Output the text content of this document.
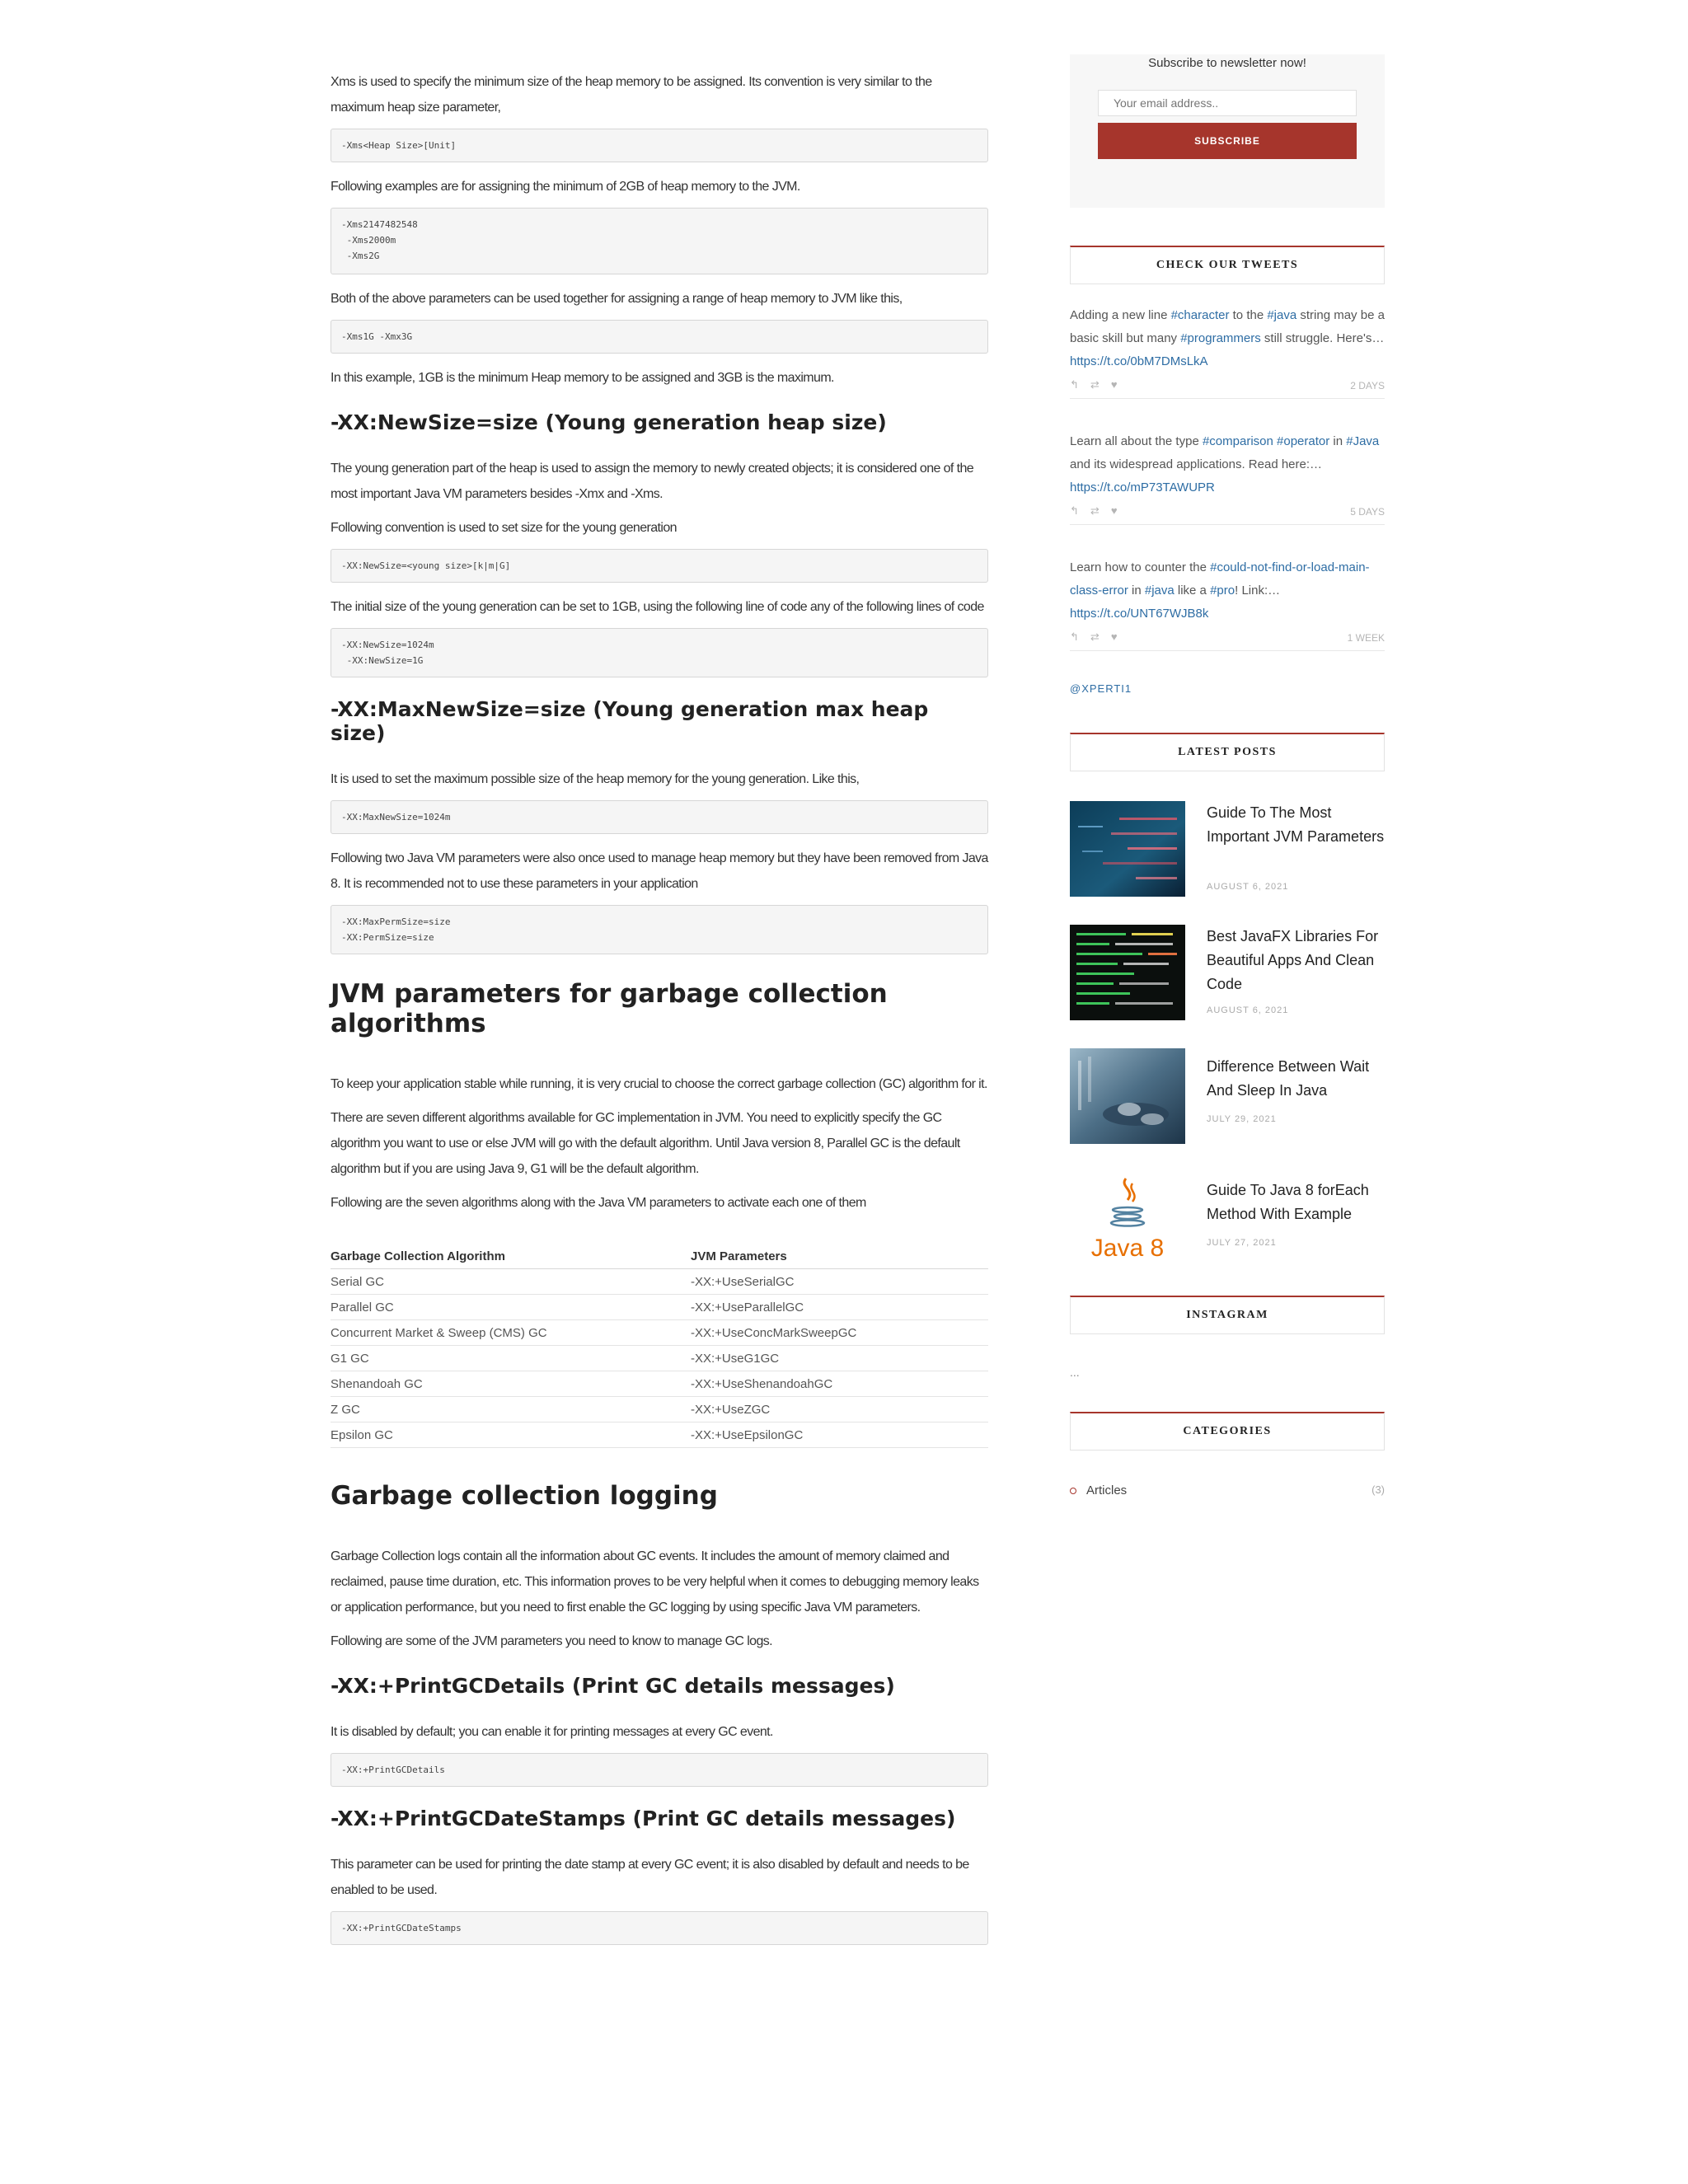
Xms is used to specify the minimum size of the heap memory to be assigned. Its convention is very similar to the maximum heap size parameter,

-Xms<Heap Size>[Unit]

Following examples are for assigning the minimum of 2GB of heap memory to the JVM.

-Xms2147482548
-Xms2000m
-Xms2G

Both of the above parameters can be used together for assigning a range of heap memory to JVM like this,

-Xms1G -Xmx3G

In this example, 1GB is the minimum Heap memory to be assigned and 3GB is the maximum.

-XX:NewSize=size (Young generation heap size)

The young generation part of the heap is used to assign the memory to newly created objects; it is considered one of the most important Java VM parameters besides -Xmx and -Xms.

Following convention is used to set size for the young generation

-XX:NewSize=<young size>[k|m|G]

The initial size of the young generation can be set to 1GB, using the following line of code any of the following lines of code

-XX:NewSize=1024m
-XX:NewSize=1G
-XX:MaxNewSize=size (Young generation max heap size)

It is used to set the maximum possible size of the heap memory for the young generation. Like this,

-XX:MaxNewSize=1024m

Following two Java VM parameters were also once used to manage heap memory but they have been removed from Java 8. It is recommended not to use these parameters in your application

-XX:MaxPermSize=size
-XX:PermSize=size
JVM parameters for garbage collection algorithms

To keep your application stable while running, it is very crucial to choose the correct garbage collection (GC) algorithm for it.

There are seven different algorithms available for GC implementation in JVM. You need to explicitly specify the GC algorithm you want to use or else JVM will go with the default algorithm. Until Java version 8, Parallel GC is the default algorithm but if you are using Java 9, G1 will be the default algorithm.

Following are the seven algorithms along with the Java VM parameters to activate each one of them

Garbage Collection Algorithm	JVM Parameters
Serial GC	-XX:+UseSerialGC
Parallel GC	-XX:+UseParallelGC
Concurrent Market & Sweep (CMS) GC	-XX:+UseConcMarkSweepGC
G1 GC	-XX:+UseG1GC
Shenandoah GC	-XX:+UseShenandoahGC
Z GC	-XX:+UseZGC
Epsilon GC	-XX:+UseEpsilonGC
Garbage collection logging

Garbage Collection logs contain all the information about GC events. It includes the amount of memory claimed and reclaimed, pause time duration, etc. This information proves to be very helpful when it comes to debugging memory leaks or application performance, but you need to first enable the GC logging by using specific Java VM parameters.

Following are some of the JVM parameters you need to know to manage GC logs.

-XX:+PrintGCDetails (Print GC details messages)

It is disabled by default; you can enable it for printing messages at every GC event.

-XX:+PrintGCDetails
-XX:+PrintGCDateStamps (Print GC details messages)

This parameter can be used for printing the date stamp at every GC event; it is also disabled by default and needs to be enabled to be used.

-XX:+PrintGCDateStamps
Subscribe to newsletter now!
Your email address..
SUBSCRIBE
CHECK OUR TWEETS
Adding a new line #character to the #java string may be a basic skill but many #programmers still struggle. Here's… https://t.co/0bM7DMsLkA
↰⇄♥	2 DAYS
Learn all about the type #comparison #operator in #Java and its widespread applications. Read here:… https://t.co/mP73TAWUPR
↰⇄♥	5 DAYS
Learn how to counter the #could-not-find-or-load-main-class-error in #java like a #pro! Link:… https://t.co/UNT67WJB8k
↰⇄♥	1 WEEK
@XPERTI1
LATEST POSTS
Guide To The Most Important JVM Parameters
AUGUST 6, 2021
Best JavaFX Libraries For Beautiful Apps And Clean Code
AUGUST 6, 2021
Difference Between Wait And Sleep In Java
JULY 29, 2021
Java 8
Guide To Java 8 forEach Method With Example
JULY 27, 2021
INSTAGRAM
...
CATEGORIES
Articles	(3)
